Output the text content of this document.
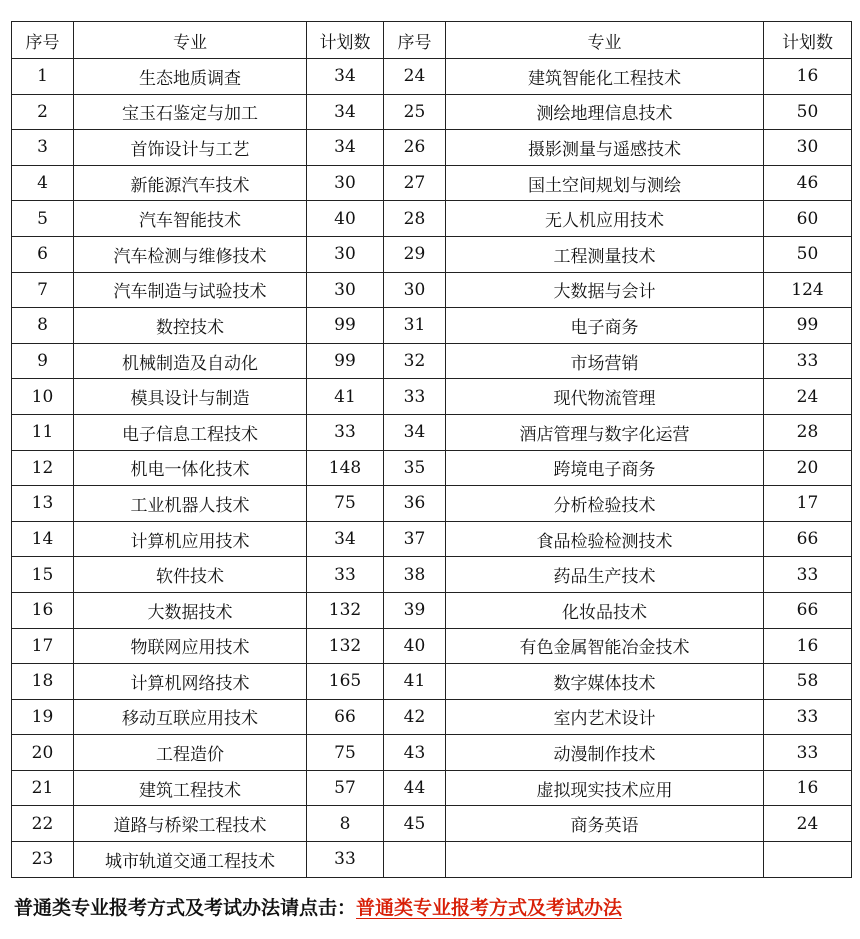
序号	专业	计划数	序号	专业	计划数
1	生态地质调查	34	24	建筑智能化工程技术	16
2	宝玉石鉴定与加工	34	25	测绘地理信息技术	50
3	首饰设计与工艺	34	26	摄影测量与遥感技术	30
4	新能源汽车技术	30	27	国土空间规划与测绘	46
5	汽车智能技术	40	28	无人机应用技术	60
6	汽车检测与维修技术	30	29	工程测量技术	50
7	汽车制造与试验技术	30	30	大数据与会计	124
8	数控技术	99	31	电子商务	99
9	机械制造及自动化	99	32	市场营销	33
10	模具设计与制造	41	33	现代物流管理	24
11	电子信息工程技术	33	34	酒店管理与数字化运营	28
12	机电一体化技术	148	35	跨境电子商务	20
13	工业机器人技术	75	36	分析检验技术	17
14	计算机应用技术	34	37	食品检验检测技术	66
15	软件技术	33	38	药品生产技术	33
16	大数据技术	132	39	化妆品技术	66
17	物联网应用技术	132	40	有色金属智能冶金技术	16
18	计算机网络技术	165	41	数字媒体技术	58
19	移动互联应用技术	66	42	室内艺术设计	33
20	工程造价	75	43	动漫制作技术	33
21	建筑工程技术	57	44	虚拟现实技术应用	16
22	道路与桥梁工程技术	8	45	商务英语	24
23	城市轨道交通工程技术	33			
普通类专业报考方式及考试办法请点击：普通类专业报考方式及考试办法
